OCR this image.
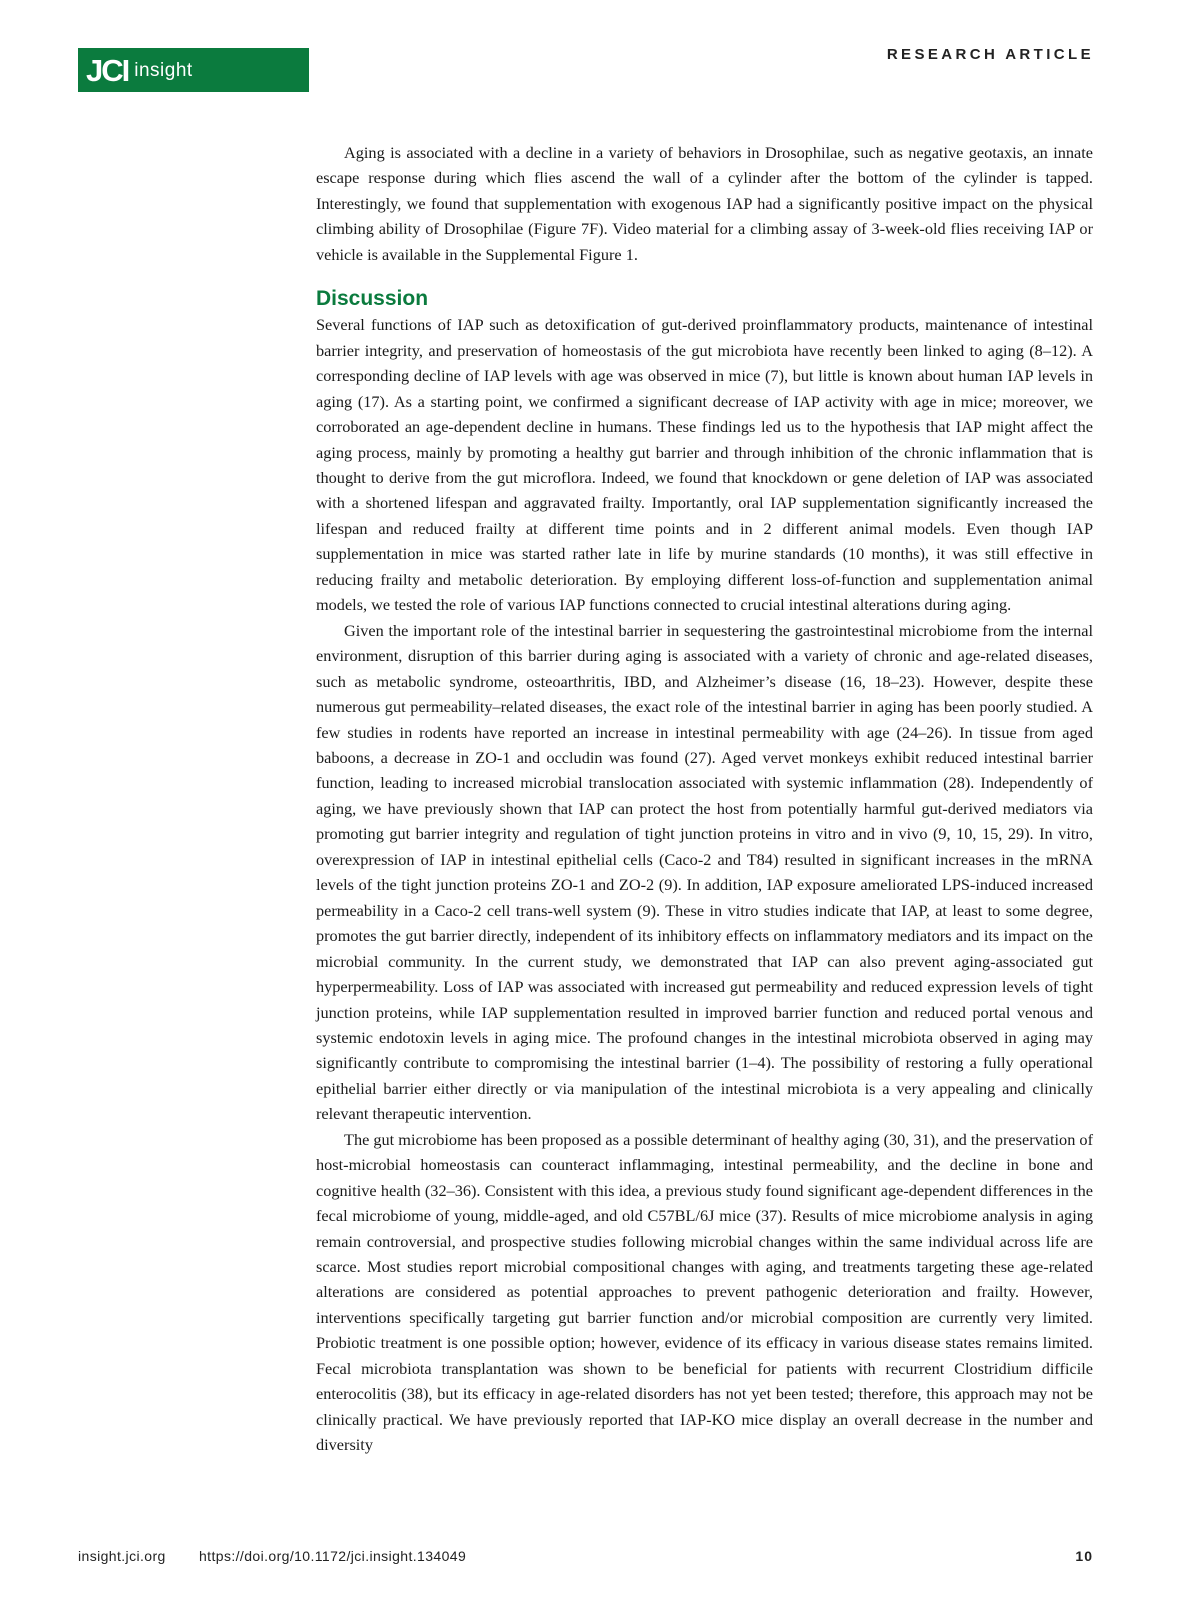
JCI insight
RESEARCH ARTICLE

Aging is associated with a decline in a variety of behaviors in Drosophilae, such as negative geotaxis, an innate escape response during which flies ascend the wall of a cylinder after the bottom of the cylinder is tapped. Interestingly, we found that supplementation with exogenous IAP had a significantly positive impact on the physical climbing ability of Drosophilae (Figure 7F). Video material for a climbing assay of 3-week-old flies receiving IAP or vehicle is available in the Supplemental Figure 1.

Discussion

Several functions of IAP such as detoxification of gut-derived proinflammatory products, maintenance of intestinal barrier integrity, and preservation of homeostasis of the gut microbiota have recently been linked to aging (8–12). A corresponding decline of IAP levels with age was observed in mice (7), but little is known about human IAP levels in aging (17). As a starting point, we confirmed a significant decrease of IAP activity with age in mice; moreover, we corroborated an age-dependent decline in humans. These findings led us to the hypothesis that IAP might affect the aging process, mainly by promoting a healthy gut barrier and through inhibition of the chronic inflammation that is thought to derive from the gut microflora. Indeed, we found that knockdown or gene deletion of IAP was associated with a shortened lifespan and aggravated frailty. Importantly, oral IAP supplementation significantly increased the lifespan and reduced frailty at different time points and in 2 different animal models. Even though IAP supplementation in mice was started rather late in life by murine standards (10 months), it was still effective in reducing frailty and metabolic deterioration. By employing different loss-of-function and supplementation animal models, we tested the role of various IAP functions connected to crucial intestinal alterations during aging.

Given the important role of the intestinal barrier in sequestering the gastrointestinal microbiome from the internal environment, disruption of this barrier during aging is associated with a variety of chronic and age-related diseases, such as metabolic syndrome, osteoarthritis, IBD, and Alzheimer’s disease (16, 18–23). However, despite these numerous gut permeability–related diseases, the exact role of the intestinal barrier in aging has been poorly studied. A few studies in rodents have reported an increase in intestinal permeability with age (24–26). In tissue from aged baboons, a decrease in ZO-1 and occludin was found (27). Aged vervet monkeys exhibit reduced intestinal barrier function, leading to increased microbial translocation associated with systemic inflammation (28). Independently of aging, we have previously shown that IAP can protect the host from potentially harmful gut-derived mediators via promoting gut barrier integrity and regulation of tight junction proteins in vitro and in vivo (9, 10, 15, 29). In vitro, overexpression of IAP in intestinal epithelial cells (Caco-2 and T84) resulted in significant increases in the mRNA levels of the tight junction proteins ZO-1 and ZO-2 (9). In addition, IAP exposure ameliorated LPS-induced increased permeability in a Caco-2 cell trans-well system (9). These in vitro studies indicate that IAP, at least to some degree, promotes the gut barrier directly, independent of its inhibitory effects on inflammatory mediators and its impact on the microbial community. In the current study, we demonstrated that IAP can also prevent aging-associated gut hyperpermeability. Loss of IAP was associated with increased gut permeability and reduced expression levels of tight junction proteins, while IAP supplementation resulted in improved barrier function and reduced portal venous and systemic endotoxin levels in aging mice. The profound changes in the intestinal microbiota observed in aging may significantly contribute to compromising the intestinal barrier (1–4). The possibility of restoring a fully operational epithelial barrier either directly or via manipulation of the intestinal microbiota is a very appealing and clinically relevant therapeutic intervention.

The gut microbiome has been proposed as a possible determinant of healthy aging (30, 31), and the preservation of host-microbial homeostasis can counteract inflammaging, intestinal permeability, and the decline in bone and cognitive health (32–36). Consistent with this idea, a previous study found significant age-dependent differences in the fecal microbiome of young, middle-aged, and old C57BL/6J mice (37). Results of mice microbiome analysis in aging remain controversial, and prospective studies following microbial changes within the same individual across life are scarce. Most studies report microbial compositional changes with aging, and treatments targeting these age-related alterations are considered as potential approaches to prevent pathogenic deterioration and frailty. However, interventions specifically targeting gut barrier function and/or microbial composition are currently very limited. Probiotic treatment is one possible option; however, evidence of its efficacy in various disease states remains limited. Fecal microbiota transplantation was shown to be beneficial for patients with recurrent Clostridium difficile enterocolitis (38), but its efficacy in age-related disorders has not yet been tested; therefore, this approach may not be clinically practical. We have previously reported that IAP-KO mice display an overall decrease in the number and diversity

insight.jci.org https://doi.org/10.1172/jci.insight.134049	10
